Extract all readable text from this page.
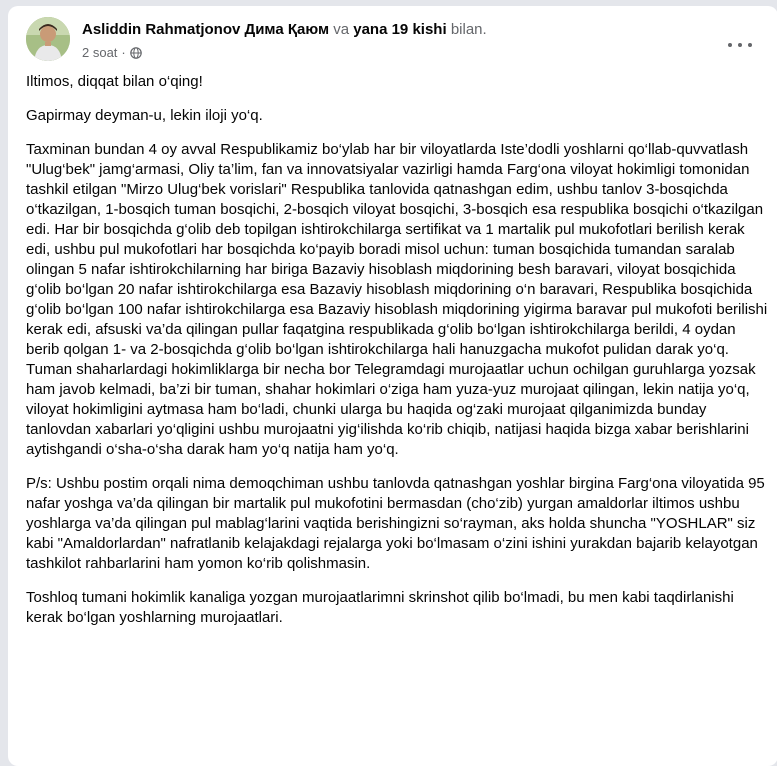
Asliddin Rahmatjonov Дима Қаюм va yana 19 kishi bilan.
2 soat ·

Iltimos, diqqat bilan o‘qing!

Gapirmay deyman-u, lekin iloji yo‘q.

Taxminan bundan 4 oy avval Respublikamiz bo‘ylab har bir viloyatlarda Iste’dodli yoshlarni qo‘llab-quvvatlash "Ulug‘bek" jamg‘armasi, Oliy ta’lim, fan va innovatsiyalar vazirligi hamda Farg‘ona viloyat hokimligi tomonidan tashkil etilgan "Mirzo Ulug‘bek vorislari" Respublika tanlovida qatnashgan edim, ushbu tanlov 3-bosqichda o‘tkazilgan, 1-bosqich tuman bosqichi, 2-bosqich viloyat bosqichi, 3-bosqich esa respublika bosqichi o‘tkazilgan edi. Har bir bosqichda g‘olib deb topilgan ishtirokchilarga sertifikat va 1 martalik pul mukofotlari berilish kerak edi, ushbu pul mukofotlari har bosqichda ko‘payib boradi misol uchun: tuman bosqichida tumandan saralab olingan 5 nafar ishtirokchilarning har biriga Bazaviy hisoblash miqdorining besh baravari, viloyat bosqichida g‘olib bo‘lgan 20 nafar ishtirokchilarga esa Bazaviy hisoblash miqdorining o‘n baravari, Respublika bosqichida g‘olib bo‘lgan 100 nafar ishtirokchilarga esa Bazaviy hisoblash miqdorining yigirma baravar pul mukofoti berilishi kerak edi, afsuski va’da qilingan pullar faqatgina respublikada g‘olib bo‘lgan ishtirokchilarga berildi, 4 oydan berib qolgan 1- va 2-bosqichda g‘olib bo‘lgan ishtirokchilarga hali hanuzgacha mukofot pulidan darak yo‘q. Tuman shaharlardagi hokimliklarga bir necha bor Telegramdagi murojaatlar uchun ochilgan guruhlarga yozsak ham javob kelmadi, ba’zi bir tuman, shahar hokimlari o‘ziga ham yuza-yuz murojaat qilingan, lekin natija yo‘q, viloyat hokimligini aytmasa ham bo‘ladi, chunki ularga bu haqida og‘zaki murojaat qilganimizda bunday tanlovdan xabarlari yo‘qligini ushbu murojaatni yig‘ilishda ko‘rib chiqib, natijasi haqida bizga xabar berishlarini aytishgandi o‘sha-o‘sha darak ham yo‘q natija ham yo‘q.

P/s: Ushbu postim orqali nima demoqchiman ushbu tanlovda qatnashgan yoshlar birgina Farg‘ona viloyatida 95 nafar yoshga va’da qilingan bir martalik pul mukofotini bermasdan (cho‘zib) yurgan amaldorlar iltimos ushbu yoshlarga va’da qilingan pul mablag‘larini vaqtida berishingizni so‘rayman, aks holda shuncha "YOSHLAR" siz kabi "Amaldorlardan" nafratlanib kelajakdagi rejalarga yoki bo‘lmasam o‘zini ishini yurakdan bajarib kelayotgan tashkilot rahbarlarini ham yomon ko‘rib qolishmasin.

Toshloq tumani hokimlik kanaliga yozgan murojaatlarimni skrinshot qilib bo‘lmadi, bu men kabi taqdirlanishi kerak bo‘lgan yoshlarning murojaatlari.
